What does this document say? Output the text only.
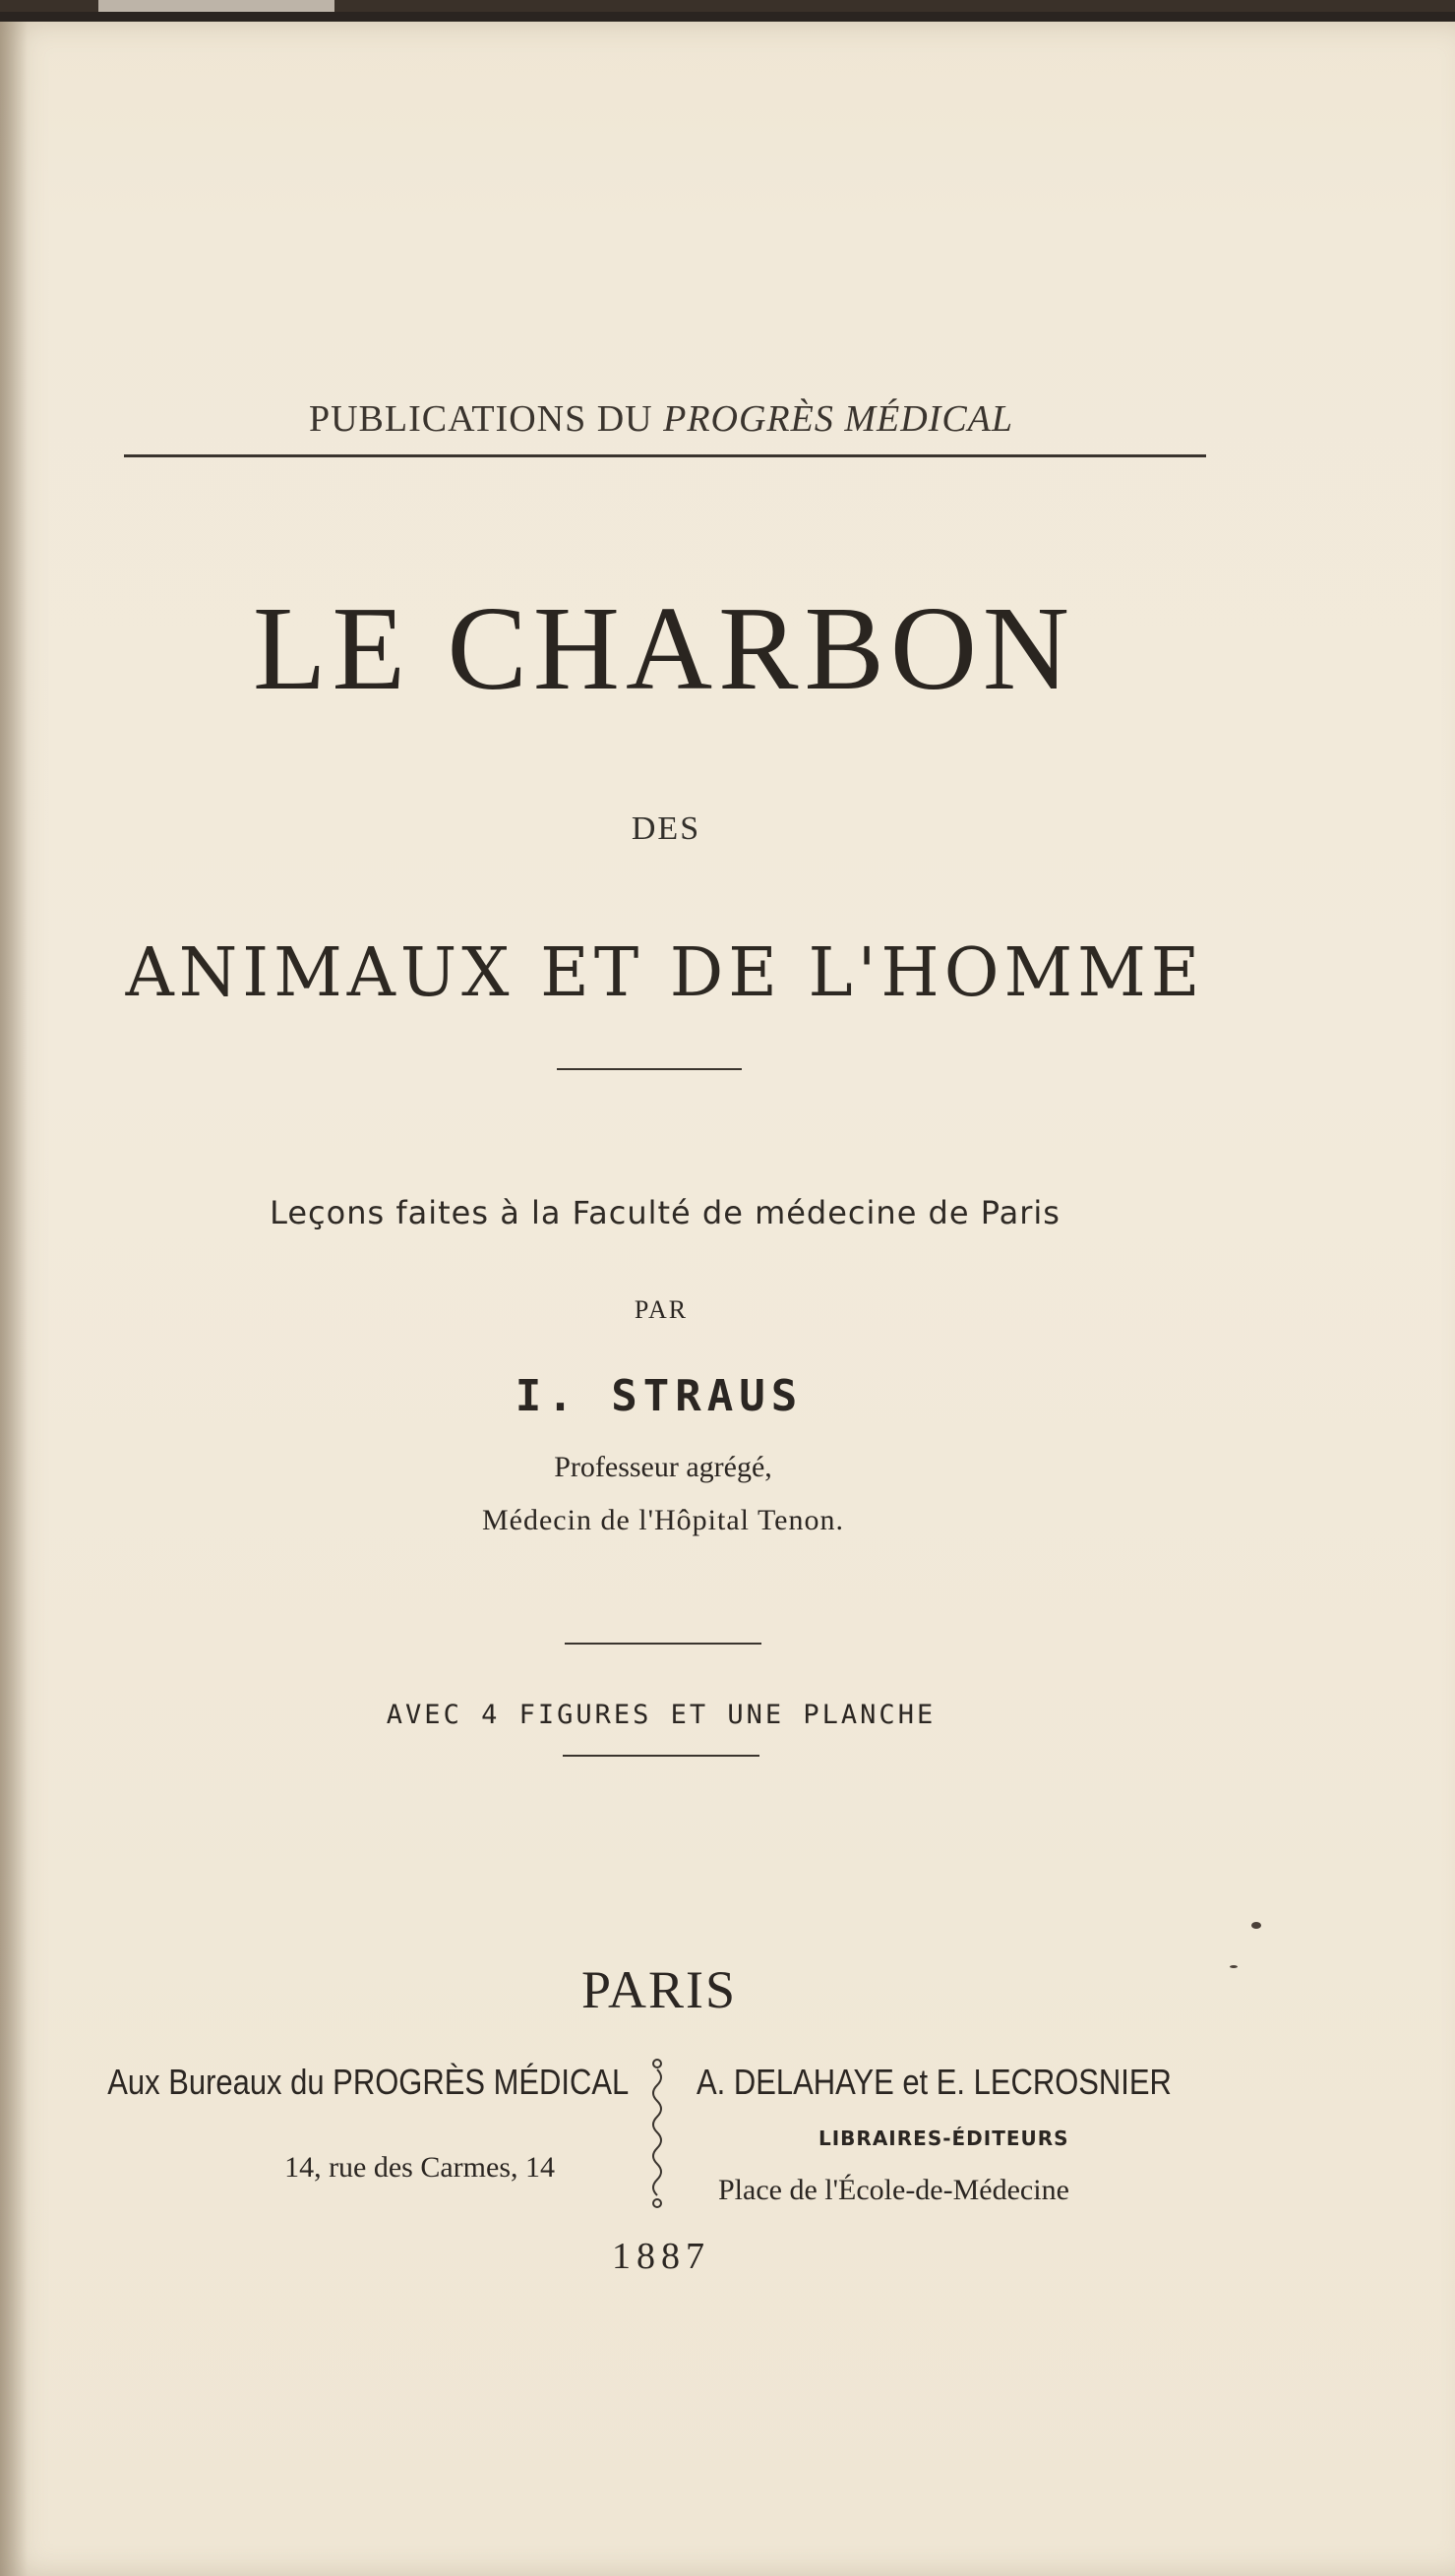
PUBLICATIONS DU PROGRÈS MÉDICAL
LE CHARBON
DES
ANIMAUX ET DE L'HOMME
Leçons faites à la Faculté de médecine de Paris
PAR
I. STRAUS
Professeur agrégé,
Médecin de l'Hôpital Tenon.
AVEC 4 FIGURES ET UNE PLANCHE
PARIS
Aux Bureaux du PROGRÈS MÉDICAL
14, rue des Carmes, 14
A. DELAHAYE et E. LECROSNIER
LIBRAIRES-ÉDITEURS
Place de l'École-de-Médecine
1887
